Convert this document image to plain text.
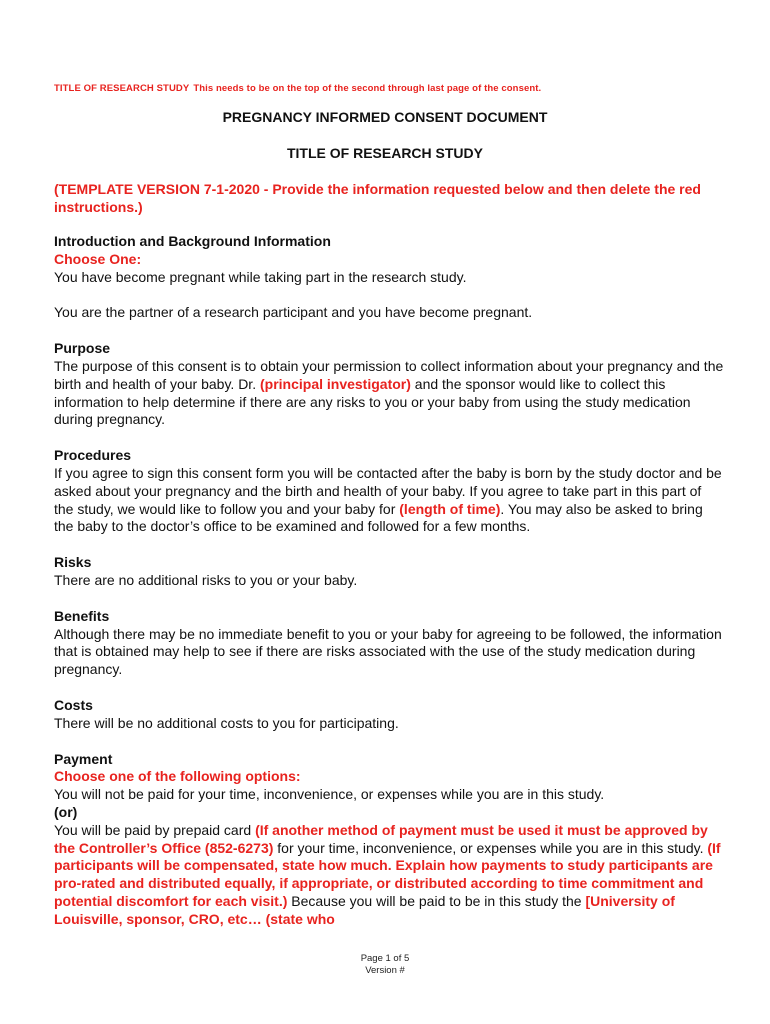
TITLE OF RESEARCH STUDY This needs to be on the top of the second through last page of the consent.
PREGNANCY INFORMED CONSENT DOCUMENT
TITLE OF RESEARCH STUDY
(TEMPLATE VERSION 7-1-2020 - Provide the information requested below and then delete the red instructions.)

Introduction and Background Information

Choose One:

You have become pregnant while taking part in the research study.

You are the partner of a research participant and you have become pregnant.

Purpose

The purpose of this consent is to obtain your permission to collect information about your pregnancy and the birth and health of your baby. Dr. (principal investigator) and the sponsor would like to collect this information to help determine if there are any risks to you or your baby from using the study medication during pregnancy.

Procedures

If you agree to sign this consent form you will be contacted after the baby is born by the study doctor and be asked about your pregnancy and the birth and health of your baby. If you agree to take part in this part of the study, we would like to follow you and your baby for (length of time). You may also be asked to bring the baby to the doctor’s office to be examined and followed for a few months.

Risks

There are no additional risks to you or your baby.

Benefits

Although there may be no immediate benefit to you or your baby for agreeing to be followed, the information that is obtained may help to see if there are risks associated with the use of the study medication during pregnancy.

Costs

There will be no additional costs to you for participating.

Payment

Choose one of the following options:

You will not be paid for your time, inconvenience, or expenses while you are in this study.

(or)

You will be paid by prepaid card (If another method of payment must be used it must be approved by the Controller’s Office (852-6273) for your time, inconvenience, or expenses while you are in this study. (If participants will be compensated, state how much. Explain how payments to study participants are pro-rated and distributed equally, if appropriate, or distributed according to time commitment and potential discomfort for each visit.) Because you will be paid to be in this study the [University of Louisville, sponsor, CRO, etc… (state who

Page 1 of 5
Version #
